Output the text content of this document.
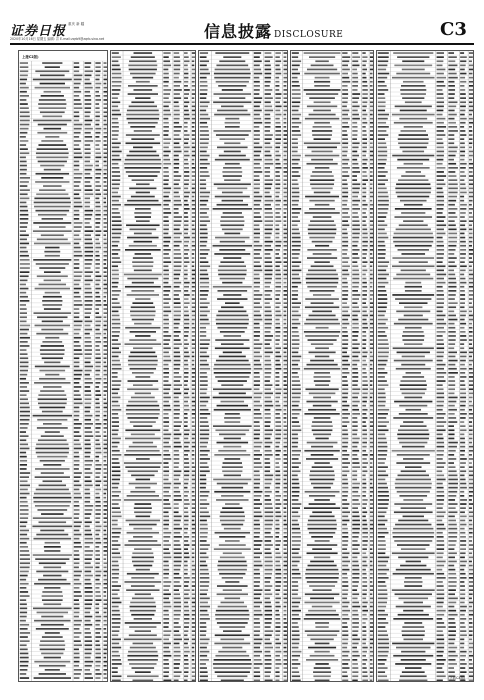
证券日报 重庆 新 疆
2020年10月16日 星期五 编辑: 井 E-mail:zqrb9@zqrb.sina.net	信息披露 DISCLOSURE	C3
上接C2版)
(下转C4版)
